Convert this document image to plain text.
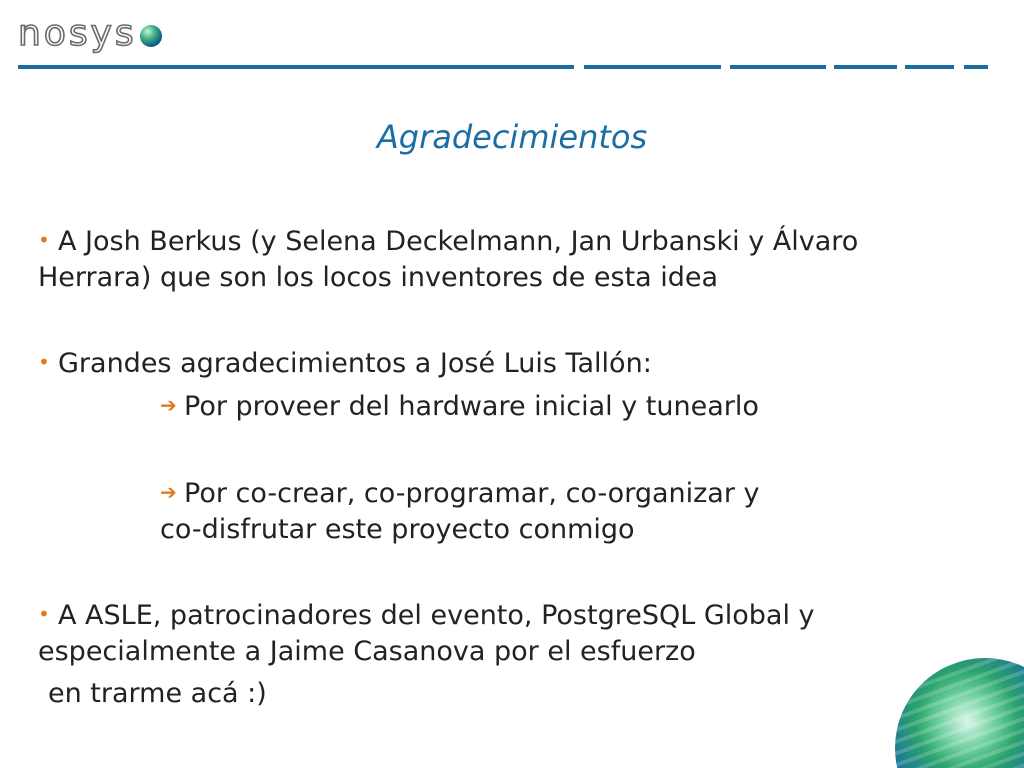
nosys
Agradecimientos

• A Josh Berkus (y Selena Deckelmann, Jan Urbanski y Álvaro
Herrara) que son los locos inventores de esta idea

• Grandes agradecimientos a José Luis Tallón:

➔ Por proveer del hardware inicial y tunearlo

➔ Por co-crear, co-programar, co-organizar y
co-disfrutar este proyecto conmigo

• A ASLE, patrocinadores del evento, PostgreSQL Global y
especialmente a Jaime Casanova por el esfuerzo

en trarme acá :)
